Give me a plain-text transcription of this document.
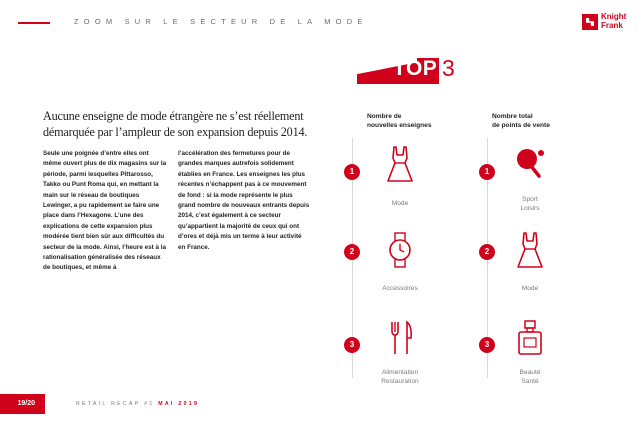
ZOOM SUR LE SECTEUR DE LA MODE
Knight
Frank
TOP 3
Aucune enseigne de mode étrangère ne s’est réellement démarquée par l’ampleur de son expansion depuis 2014.
Seule une poignée d’entre elles ont même ouvert plus de dix magasins sur la période, parmi lesquelles Pittarosso, Takko ou Punt Roma qui, en mettant la main sur le réseau de boutiques Lewinger, a pu rapidement se faire une place dans l’Hexagone. L’une des explications de cette expansion plus modérée tient bien sûr aux difficultés du secteur de la mode. Ainsi, l’heure est à la rationalisation généralisée des réseaux de boutiques, et même à
l’accélération des fermetures pour de grandes marques autrefois solidement établies en France. Les enseignes les plus récentes n’échappent pas à ce mouvement de fond : si la mode représente le plus grand nombre de nouveaux entrants depuis 2014, c’est également à ce secteur qu’appartient la majorité de ceux qui ont d’ores et déjà mis un terme à leur activité en France.
Nombre de
nouvelles enseignes
1
Mode
2
Accessoires
3
Alimentation
Restauration
Nombre total
de points de vente
1
Sport
Loisirs
2
Mode
3
Beauté
Santé
19/20	RETAIL RECAP #1 MAI 2019
